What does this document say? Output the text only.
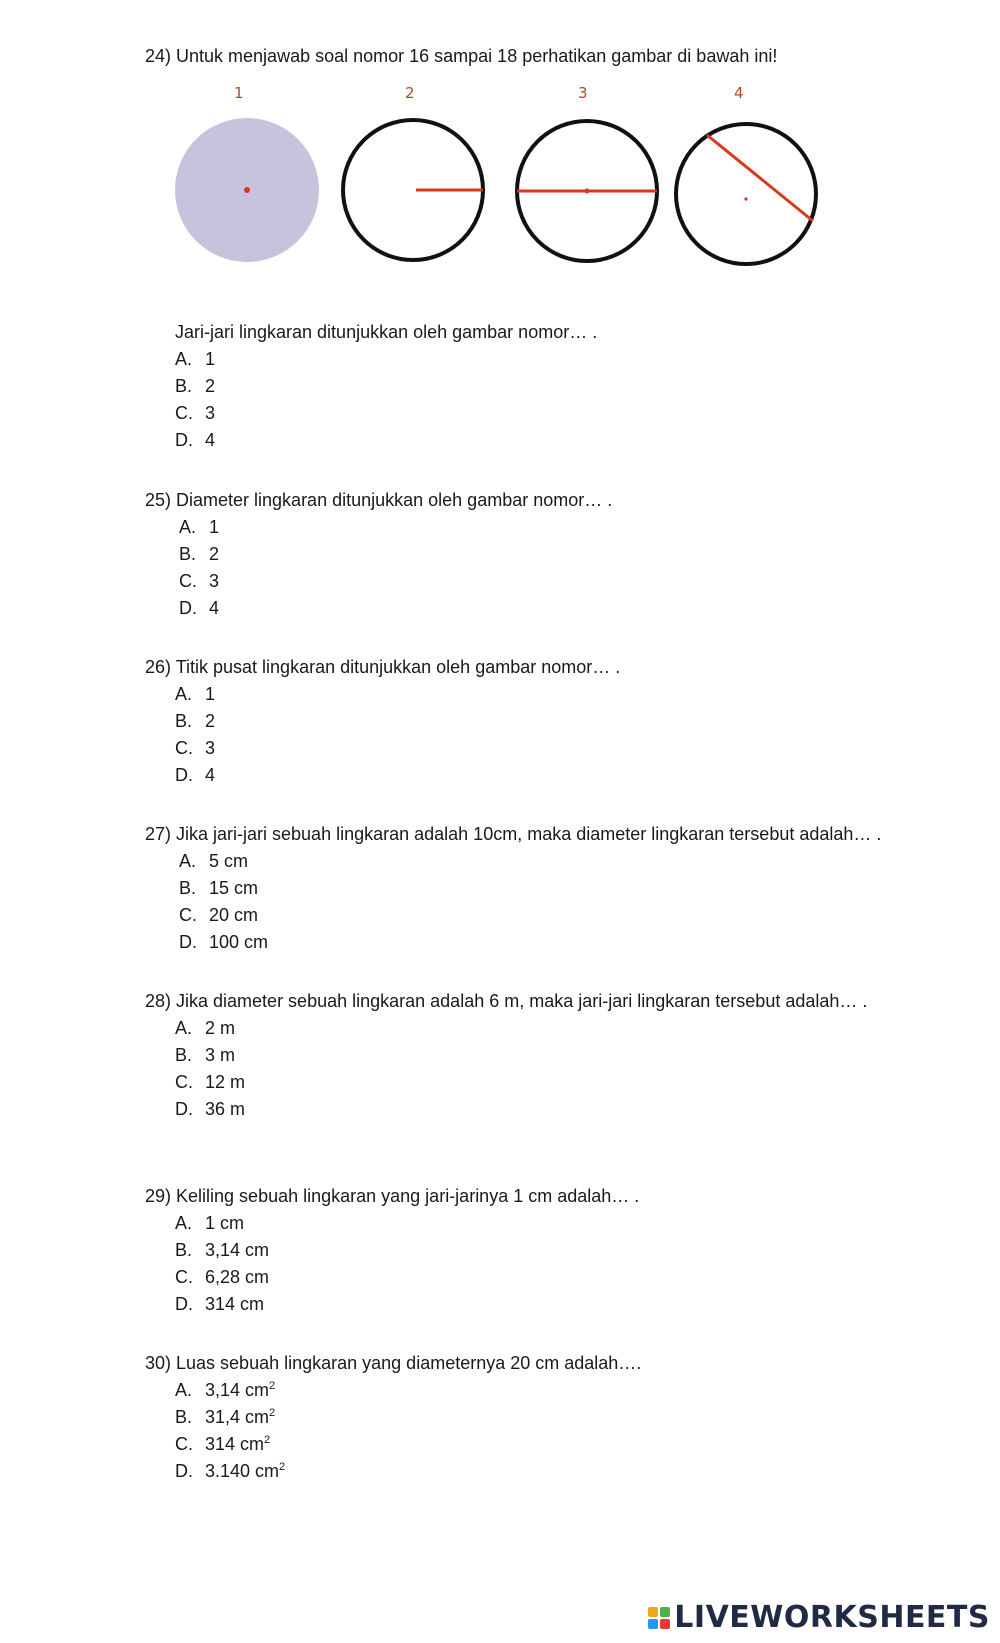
24) Untuk menjawab soal nomor 16 sampai 18 perhatikan gambar di bawah ini!
1	2	3	4
Jari-jari lingkaran ditunjukkan oleh gambar nomor… .
A. 1
B. 2
C. 3
D. 4
25) Diameter lingkaran ditunjukkan oleh gambar nomor… .
A. 1
B. 2
C. 3
D. 4
26) Titik pusat lingkaran ditunjukkan oleh gambar nomor… .
A. 1
B. 2
C. 3
D. 4
27) Jika jari-jari sebuah lingkaran adalah 10cm, maka diameter lingkaran tersebut adalah… .
A. 5 cm
B. 15 cm
C. 20 cm
D. 100 cm
28) Jika diameter sebuah lingkaran adalah 6 m, maka jari-jari lingkaran tersebut adalah… .
A. 2 m
B. 3 m
C. 12 m
D. 36 m
29) Keliling sebuah lingkaran yang jari-jarinya 1 cm adalah… .
A. 1 cm
B. 3,14 cm
C. 6,28 cm
D. 314 cm
30) Luas sebuah lingkaran yang diameternya 20 cm adalah….
A. 3,14 $cm^2$
B. 31,4 $cm^2$
C. 314 $cm^2$
D. 3.140 $cm^2$
LIVEWORKSHEETS
